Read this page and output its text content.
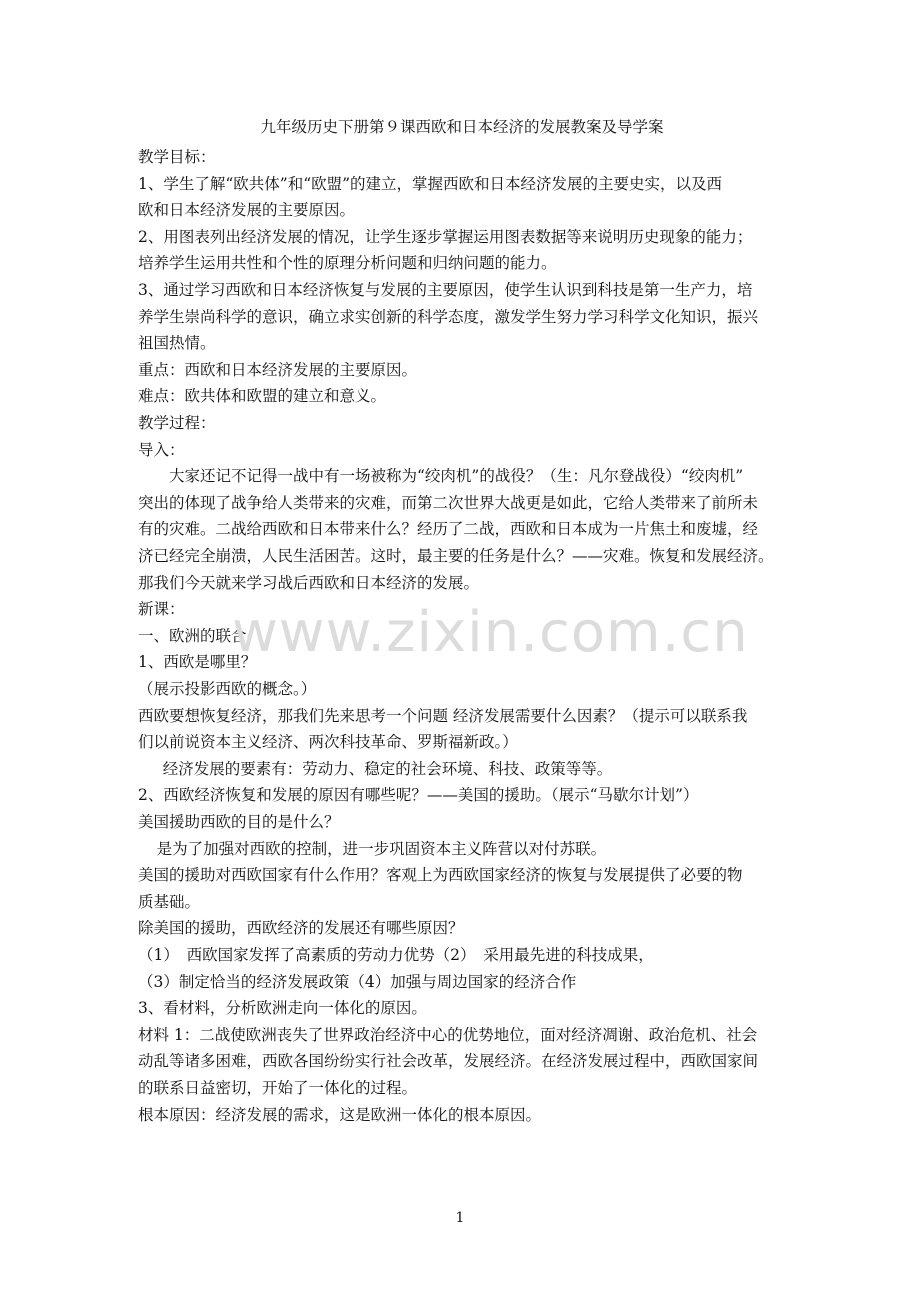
九年级历史下册第９课西欧和日本经济的发展教案及导学案
教学目标：
1、学生了解“欧共体”和“欧盟”的建立，掌握西欧和日本经济发展的主要史实，以及西
欧和日本经济发展的主要原因。
2、用图表列出经济发展的情况，让学生逐步掌握运用图表数据等来说明历史现象的能力；
培养学生运用共性和个性的原理分析问题和归纳问题的能力。
3、通过学习西欧和日本经济恢复与发展的主要原因，使学生认识到科技是第一生产力，培
养学生崇尚科学的意识，确立求实创新的科学态度，激发学生努力学习科学文化知识，振兴
祖国热情。
重点：西欧和日本经济发展的主要原因。
难点：欧共体和欧盟的建立和意义。
教学过程：
导入：
大家还记不记得一战中有一场被称为“绞肉机”的战役？（生：凡尔登战役）“绞肉机”
突出的体现了战争给人类带来的灾难，而第二次世界大战更是如此，它给人类带来了前所未
有的灾难。二战给西欧和日本带来什么？经历了二战，西欧和日本成为一片焦土和废墟，经
济已经完全崩溃，人民生活困苦。这时，最主要的任务是什么？——灾难。恢复和发展经济。
那我们今天就来学习战后西欧和日本经济的发展。
新课：
一、欧洲的联合
1、西欧是哪里？
（展示投影西欧的概念。）
西欧要想恢复经济，那我们先来思考一个问题 经济发展需要什么因素？（提示可以联系我
们以前说资本主义经济、两次科技革命、罗斯福新政。）
经济发展的要素有：劳动力、稳定的社会环境、科技、政策等等。
2、西欧经济恢复和发展的原因有哪些呢？——美国的援助。（展示“马歇尔计划”）
美国援助西欧的目的是什么？
是为了加强对西欧的控制，进一步巩固资本主义阵营以对付苏联。
美国的援助对西欧国家有什么作用？客观上为西欧国家经济的恢复与发展提供了必要的物
质基础。
除美国的援助，西欧经济的发展还有哪些原因？
（1）　西欧国家发挥了高素质的劳动力优势（2）　采用最先进的科技成果，
（3）制定恰当的经济发展政策（4）加强与周边国家的经济合作
3、看材料，分析欧洲走向一体化的原因。
材料 1：二战使欧洲丧失了世界政治经济中心的优势地位，面对经济凋谢、政治危机、社会
动乱等诸多困难，西欧各国纷纷实行社会改革，发展经济。在经济发展过程中，西欧国家间
的联系日益密切，开始了一体化的过程。
根本原因：经济发展的需求，这是欧洲一体化的根本原因。
www.zixin.com.cn
1
